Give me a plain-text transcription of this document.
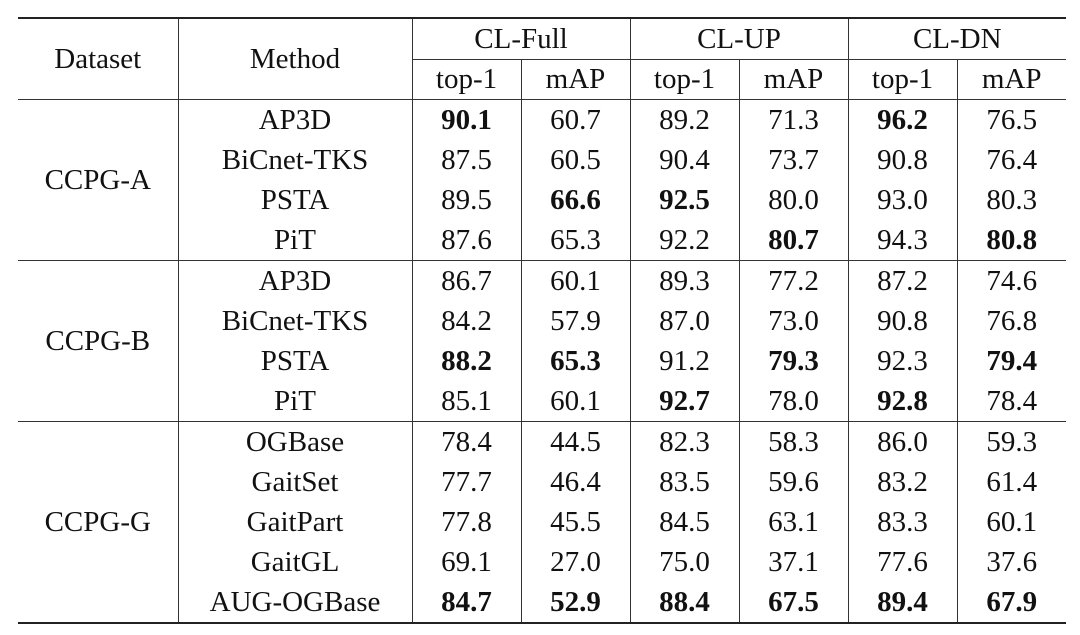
Dataset	Method	CL-Full		CL-UP		CL-DN	
		top-1	mAP	top-1	mAP	top-1	mAP
CCPG-A	AP3D	90.1	60.7	89.2	71.3	96.2	76.5
	BiCnet-TKS	87.5	60.5	90.4	73.7	90.8	76.4
	PSTA	89.5	66.6	92.5	80.0	93.0	80.3
	PiT	87.6	65.3	92.2	80.7	94.3	80.8
CCPG-B	AP3D	86.7	60.1	89.3	77.2	87.2	74.6
	BiCnet-TKS	84.2	57.9	87.0	73.0	90.8	76.8
	PSTA	88.2	65.3	91.2	79.3	92.3	79.4
	PiT	85.1	60.1	92.7	78.0	92.8	78.4
CCPG-G	OGBase	78.4	44.5	82.3	58.3	86.0	59.3
	GaitSet	77.7	46.4	83.5	59.6	83.2	61.4
	GaitPart	77.8	45.5	84.5	63.1	83.3	60.1
	GaitGL	69.1	27.0	75.0	37.1	77.6	37.6
	AUG-OGBase	84.7	52.9	88.4	67.5	89.4	67.9
